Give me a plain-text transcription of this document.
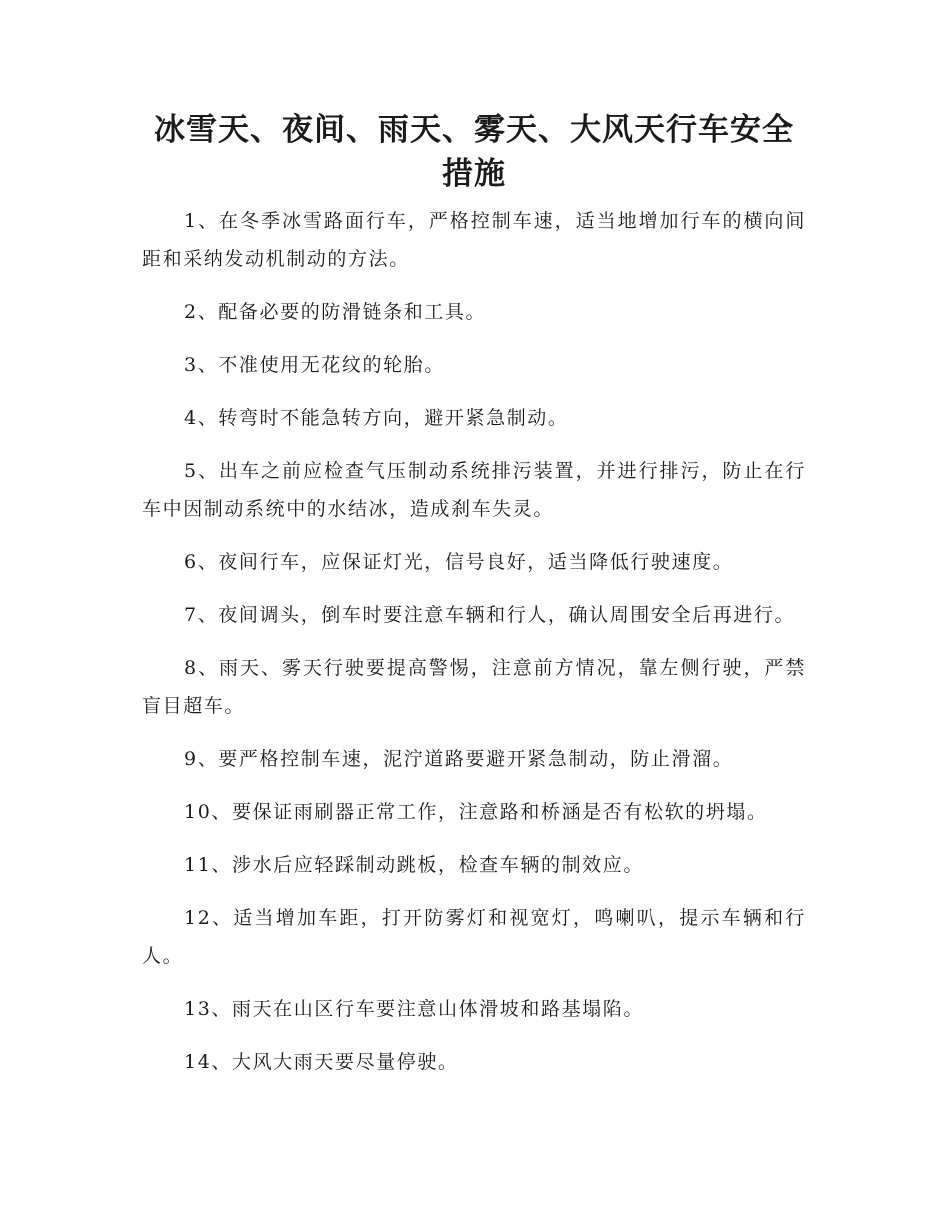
冰雪天、夜间、雨天、雾天、大风天行车安全措施
1、在冬季冰雪路面行车，严格控制车速，适当地增加行车的横向间距和采纳发动机制动的方法。
2、配备必要的防滑链条和工具。
3、不准使用无花纹的轮胎。
4、转弯时不能急转方向，避开紧急制动。
5、出车之前应检查气压制动系统排污装置，并进行排污，防止在行车中因制动系统中的水结冰，造成刹车失灵。
6、夜间行车，应保证灯光，信号良好，适当降低行驶速度。
7、夜间调头，倒车时要注意车辆和行人，确认周围安全后再进行。
8、雨天、雾天行驶要提高警惕，注意前方情况，靠左侧行驶，严禁盲目超车。
9、要严格控制车速，泥泞道路要避开紧急制动，防止滑溜。
10、要保证雨刷器正常工作，注意路和桥涵是否有松软的坍塌。
11、涉水后应轻踩制动跳板，检查车辆的制效应。
12、适当增加车距，打开防雾灯和视宽灯，鸣喇叭，提示车辆和行人。
13、雨天在山区行车要注意山体滑坡和路基塌陷。
14、大风大雨天要尽量停驶。
